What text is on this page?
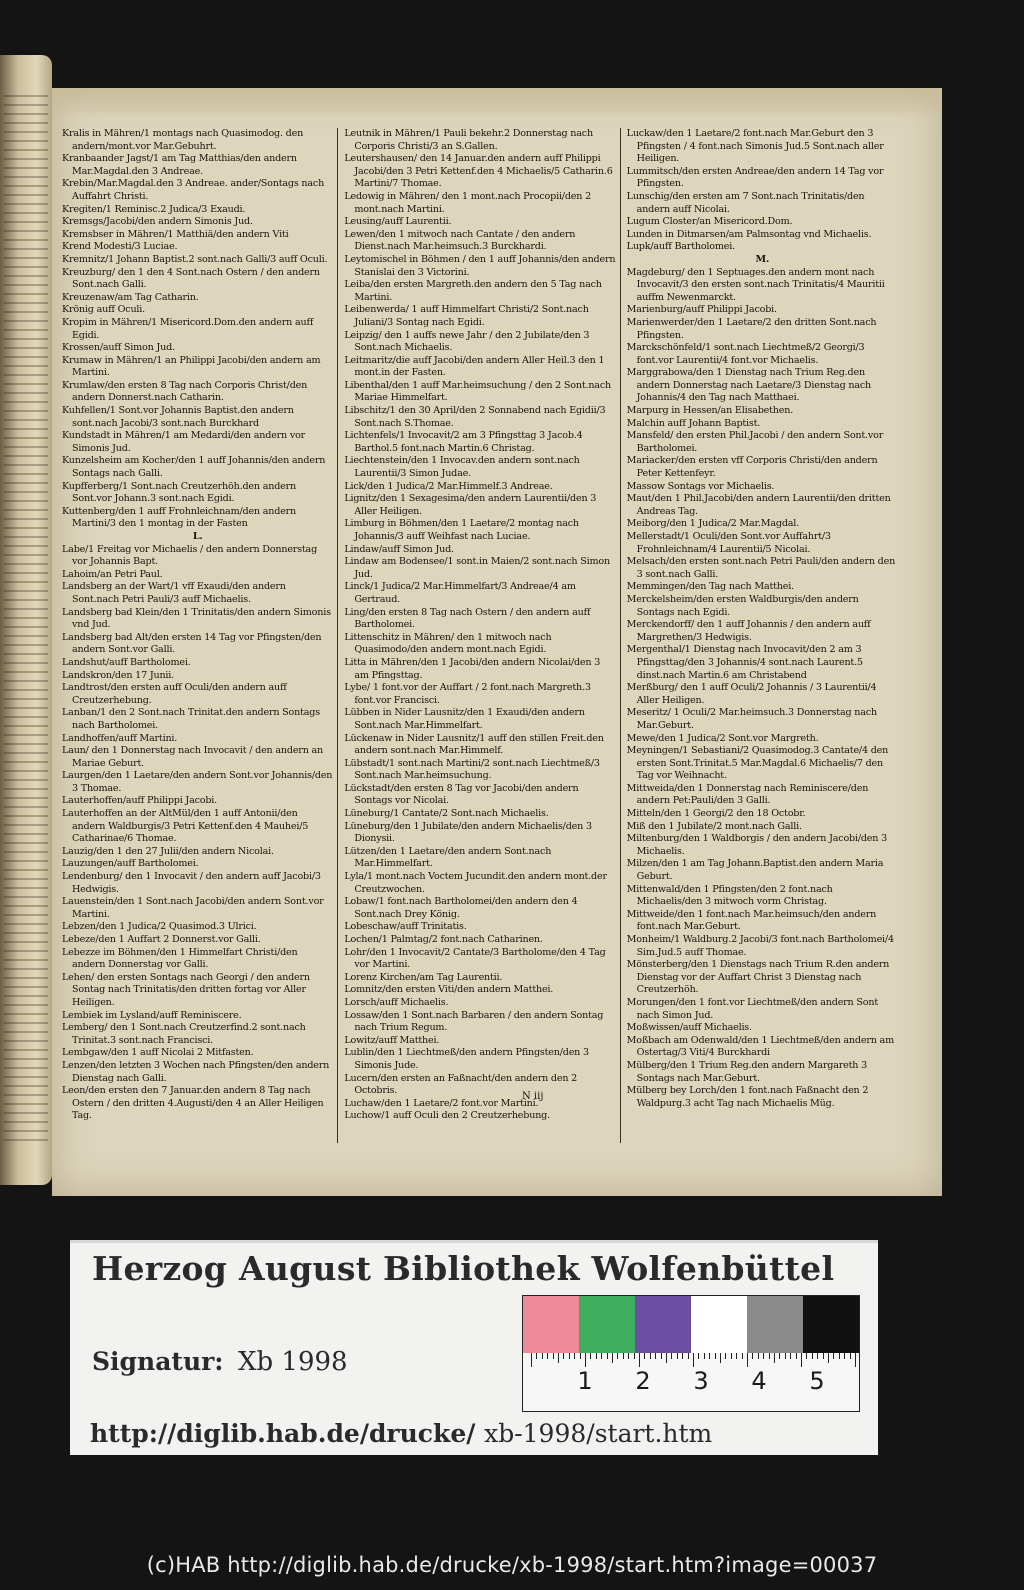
Kralis in Mähren/1 montags nach Quasimodog. den andern/mont.vor Mar.Gebuhrt.

Kranbaander Jagst/1 am Tag Matthias/den andern Mar.Magdal.den 3 Andreae.

Krebin/Mar.Magdal.den 3 Andreae. ander/Sontags nach Auffahrt Christi.

Kregiten/1 Reminisc.2 Judica/3 Exaudi.

Kremsgs/Jacobi/den andern Simonis Jud.

Kremsbser in Mähren/1 Matthiä/den andern Viti

Krend Modesti/3 Luciae.

Kremnitz/1 Johann Baptist.2 sont.nach Galli/3 auff Oculi.

Kreuzburg/ den 1 den 4 Sont.nach Ostern / den andern Sont.nach Galli.

Kreuzenaw/am Tag Catharin.

Krönig auff Oculi.

Kropim in Mähren/1 Misericord.Dom.den andern auff Egidi.

Krossen/auff Simon Jud.

Krumaw in Mähren/1 an Philippi Jacobi/den andern am Martini.

Krumlaw/den ersten 8 Tag nach Corporis Christ/den andern Donnerst.nach Catharin.

Kuhfellen/1 Sont.vor Johannis Baptist.den andern sont.nach Jacobi/3 sont.nach Burckhard

Kundstadt in Mähren/1 am Medardi/den andern vor Simonis Jud.

Kunzelsheim am Kocher/den 1 auff Johannis/den andern Sontags nach Galli.

Kupfferberg/1 Sont.nach Creutzerhöh.den andern Sont.vor Johann.3 sont.nach Egidi.

Kuttenberg/den 1 auff Frohnleichnam/den andern Martini/3 den 1 montag in der Fasten

L.

Labe/1 Freitag vor Michaelis / den andern Donnerstag vor Johannis Bapt.

Lahoim/an Petri Paul.

Landsberg an der Wart/1 vff Exaudi/den andern Sont.nach Petri Pauli/3 auff Michaelis.

Landsberg bad Klein/den 1 Trinitatis/den andern Simonis vnd Jud.

Landsberg bad Alt/den ersten 14 Tag vor Pfingsten/den andern Sont.vor Galli.

Landshut/auff Bartholomei.

Landskron/den 17 Junii.

Landtrost/den ersten auff Oculi/den andern auff Creutzerhebung.

Lanban/1 den 2 Sont.nach Trinitat.den andern Sontags nach Bartholomei.

Landhoffen/auff Martini.

Laun/ den 1 Donnerstag nach Invocavit / den andern an Mariae Geburt.

Laurgen/den 1 Laetare/den andern Sont.vor Johannis/den 3 Thomae.

Lauterhoffen/auff Philippi Jacobi.

Lauterhoffen an der AltMül/den 1 auff Antonii/den andern Waldburgis/3 Petri Kettenf.den 4 Mauhei/5 Catharinae/6 Thomae.

Lauzig/den 1 den 27 Julii/den andern Nicolai.

Lauzungen/auff Bartholomei.

Lendenburg/ den 1 Invocavit / den andern auff Jacobi/3 Hedwigis.

Lauenstein/den 1 Sont.nach Jacobi/den andern Sont.vor Martini.

Lebzen/den 1 Judica/2 Quasimod.3 Ulrici.

Lebeze/den 1 Auffart 2 Donnerst.vor Galli.

Lebezze im Böhmen/den 1 Himmelfart Christi/den andern Donnerstag vor Galli.

Lehen/ den ersten Sontags nach Georgi / den andern Sontag nach Trinitatis/den dritten fortag vor Aller Heiligen.

Lembiek im Lysland/auff Reminiscere.

Lemberg/ den 1 Sont.nach Creutzerfind.2 sont.nach Trinitat.3 sont.nach Francisci.

Lembgaw/den 1 auff Nicolai 2 Mitfasten.

Lenzen/den letzten 3 Wochen nach Pfingsten/den andern Dienstag nach Galli.

Leon/den ersten den 7 Januar.den andern 8 Tag nach Ostern / den dritten 4.Augusti/den 4 an Aller Heiligen Tag.

Leutnik in Mähren/1 Pauli bekehr.2 Donnerstag nach Corporis Christi/3 an S.Gallen.

Leutershausen/ den 14 Januar.den andern auff Philippi Jacobi/den 3 Petri Kettenf.den 4 Michaelis/5 Catharin.6 Martini/7 Thomae.

Ledowig in Mähren/ den 1 mont.nach Procopii/den 2 mont.nach Martini.

Leusing/auff Laurentii.

Lewen/den 1 mitwoch nach Cantate / den andern Dienst.nach Mar.heimsuch.3 Burckhardi.

Leytomischel in Böhmen / den 1 auff Johannis/den andern Stanislai den 3 Victorini.

Leiba/den ersten Margreth.den andern den 5 Tag nach Martini.

Leibenwerda/ 1 auff Himmelfart Christi/2 Sont.nach Juliani/3 Sontag nach Egidi.

Leipzig/ den 1 auffs newe Jahr / den 2 Jubilate/den 3 Sont.nach Michaelis.

Leitmaritz/die auff Jacobi/den andern Aller Heil.3 den 1 mont.in der Fasten.

Libenthal/den 1 auff Mar.heimsuchung / den 2 Sont.nach Mariae Himmelfart.

Libschitz/1 den 30 April/den 2 Sonnabend nach Egidii/3 Sont.nach S.Thomae.

Lichtenfels/1 Invocavit/2 am 3 Pfingsttag 3 Jacob.4 Barthol.5 font.nach Martin.6 Christag.

Liechtenstein/den 1 Invocav.den andern sont.nach Laurentii/3 Simon Judae.

Lick/den 1 Judica/2 Mar.Himmelf.3 Andreae.

Lignitz/den 1 Sexagesima/den andern Laurentii/den 3 Aller Heiligen.

Limburg in Böhmen/den 1 Laetare/2 montag nach Johannis/3 auff Weihfast nach Luciae.

Lindaw/auff Simon Jud.

Lindaw am Bodensee/1 sont.in Maien/2 sont.nach Simon Jud.

Linck/1 Judica/2 Mar.Himmelfart/3 Andreae/4 am Gertraud.

Ling/den ersten 8 Tag nach Ostern / den andern auff Bartholomei.

Littenschitz in Mähren/ den 1 mitwoch nach Quasimodo/den andern mont.nach Egidi.

Litta in Mähren/den 1 Jacobi/den andern Nicolai/den 3 am Pfingsttag.

Lybe/ 1 font.vor der Auffart / 2 font.nach Margreth.3 font.vor Francisci.

Lübben in Nider Lausnitz/den 1 Exaudi/den andern Sont.nach Mar.Himmelfart.

Lückenaw in Nider Lausnitz/1 auff den stillen Freit.den andern sont.nach Mar.Himmelf.

Lübstadt/1 sont.nach Martini/2 sont.nach Liechtmeß/3 Sont.nach Mar.heimsuchung.

Lückstadt/den ersten 8 Tag vor Jacobi/den andern Sontags vor Nicolai.

Lüneburg/1 Cantate/2 Sont.nach Michaelis.

Lüneburg/den 1 Jubilate/den andern Michaelis/den 3 Dionysii.

Lützen/den 1 Laetare/den andern Sont.nach Mar.Himmelfart.

Lyla/1 mont.nach Voctem Jucundit.den andern mont.der Creutzwochen.

Lobaw/1 font.nach Bartholomei/den andern den 4 Sont.nach Drey König.

Lobeschaw/auff Trinitatis.

Lochen/1 Palmtag/2 font.nach Catharinen.

Lohr/den 1 Invocavit/2 Cantate/3 Bartholome/den 4 Tag vor Martini.

Lorenz Kirchen/am Tag Laurentii.

Lomnitz/den ersten Viti/den andern Matthei.

Lorsch/auff Michaelis.

Lossaw/den 1 Sont.nach Barbaren / den andern Sontag nach Trium Regum.

Lowitz/auff Matthei.

Lublin/den 1 Liechtmeß/den andern Pfingsten/den 3 Simonis Jude.

Lucern/den ersten an Faßnacht/den andern den 2 Octobris.

Luchaw/den 1 Laetare/2 font.vor Martini.

Luchow/1 auff Oculi den 2 Creutzerhebung.

Luckaw/den 1 Laetare/2 font.nach Mar.Geburt den 3 Pfingsten / 4 font.nach Simonis Jud.5 Sont.nach aller Heiligen.

Lummitsch/den ersten Andreae/den andern 14 Tag vor Pfingsten.

Lunschig/den ersten am 7 Sont.nach Trinitatis/den andern auff Nicolai.

Lugum Closter/an Misericord.Dom.

Lunden in Ditmarsen/am Palmsontag vnd Michaelis.

Lupk/auff Bartholomei.

M.

Magdeburg/ den 1 Septuages.den andern mont nach Invocavit/3 den ersten sont.nach Trinitatis/4 Mauritii auffm Newenmarckt.

Marienburg/auff Philippi Jacobi.

Marienwerder/den 1 Laetare/2 den dritten Sont.nach Pfingsten.

Marckschönfeld/1 sont.nach Liechtmeß/2 Georgi/3 font.vor Laurentii/4 font.vor Michaelis.

Marggrabowa/den 1 Dienstag nach Trium Reg.den andern Donnerstag nach Laetare/3 Dienstag nach Johannis/4 den Tag nach Matthaei.

Marpurg in Hessen/an Elisabethen.

Malchin auff Johann Baptist.

Mansfeld/ den ersten Phil.Jacobi / den andern Sont.vor Bartholomei.

Mariacker/den ersten vff Corporis Christi/den andern Peter Kettenfeyr.

Massow Sontags vor Michaelis.

Maut/den 1 Phil.Jacobi/den andern Laurentii/den dritten Andreas Tag.

Meiborg/den 1 Judica/2 Mar.Magdal.

Mellerstadt/1 Oculi/den Sont.vor Auffahrt/3 Frohnleichnam/4 Laurentii/5 Nicolai.

Melsach/den ersten sont.nach Petri Pauli/den andern den 3 sont.nach Galli.

Memmingen/den Tag nach Matthei.

Merckelsheim/den ersten Waldburgis/den andern Sontags nach Egidi.

Merckendorff/ den 1 auff Johannis / den andern auff Margrethen/3 Hedwigis.

Mergenthal/1 Dienstag nach Invocavit/den 2 am 3 Pfingsttag/den 3 Johannis/4 sont.nach Laurent.5 dinst.nach Martin.6 am Christabend

Merßburg/ den 1 auff Oculi/2 Johannis / 3 Laurentii/4 Aller Heiligen.

Meseritz/ 1 Oculi/2 Mar.heimsuch.3 Donnerstag nach Mar.Geburt.

Mewe/den 1 Judica/2 Sont.vor Margreth.

Meyningen/1 Sebastiani/2 Quasimodog.3 Cantate/4 den ersten Sont.Trinitat.5 Mar.Magdal.6 Michaelis/7 den Tag vor Weihnacht.

Mittweida/den 1 Donnerstag nach Reminiscere/den andern Pet:Pauli/den 3 Galli.

Mitteln/den 1 Georgi/2 den 18 Octobr.

Miß den 1 Jubilate/2 mont.nach Galli.

Miltenburg/den 1 Waldborgis / den andern Jacobi/den 3 Michaelis.

Milzen/den 1 am Tag Johann.Baptist.den andern Maria Geburt.

Mittenwald/den 1 Pfingsten/den 2 font.nach Michaelis/den 3 mitwoch vorm Christag.

Mittweide/den 1 font.nach Mar.heimsuch/den andern font.nach Mar.Geburt.

Monheim/1 Waldburg.2 Jacobi/3 font.nach Bartholomei/4 Sim.Jud.5 auff Thomae.

Mönsterberg/den 1 Dienstags nach Trium R.den andern Dienstag vor der Auffart Christ 3 Dienstag nach Creutzerhöh.

Morungen/den 1 font.vor Liechtmeß/den andern Sont nach Simon Jud.

Moßwissen/auff Michaelis.

Moßbach am Odenwald/den 1 Liechtmeß/den andern am Ostertag/3 Viti/4 Burckhardi

Mülberg/den 1 Trium Reg.den andern Margareth 3 Sontags nach Mar.Geburt.

Mülberg bey Lorch/den 1 font.nach Faßnacht den 2 Waldpurg.3 acht Tag nach Michaelis Müg.

N iij
Herzog August Bibliothek Wolfenbüttel
1 2 3 4 5
Signatur: Xb 1998
http://diglib.hab.de/drucke/ xb-1998/start.htm
(c)HAB http://diglib.hab.de/drucke/xb-1998/start.htm?image=00037
